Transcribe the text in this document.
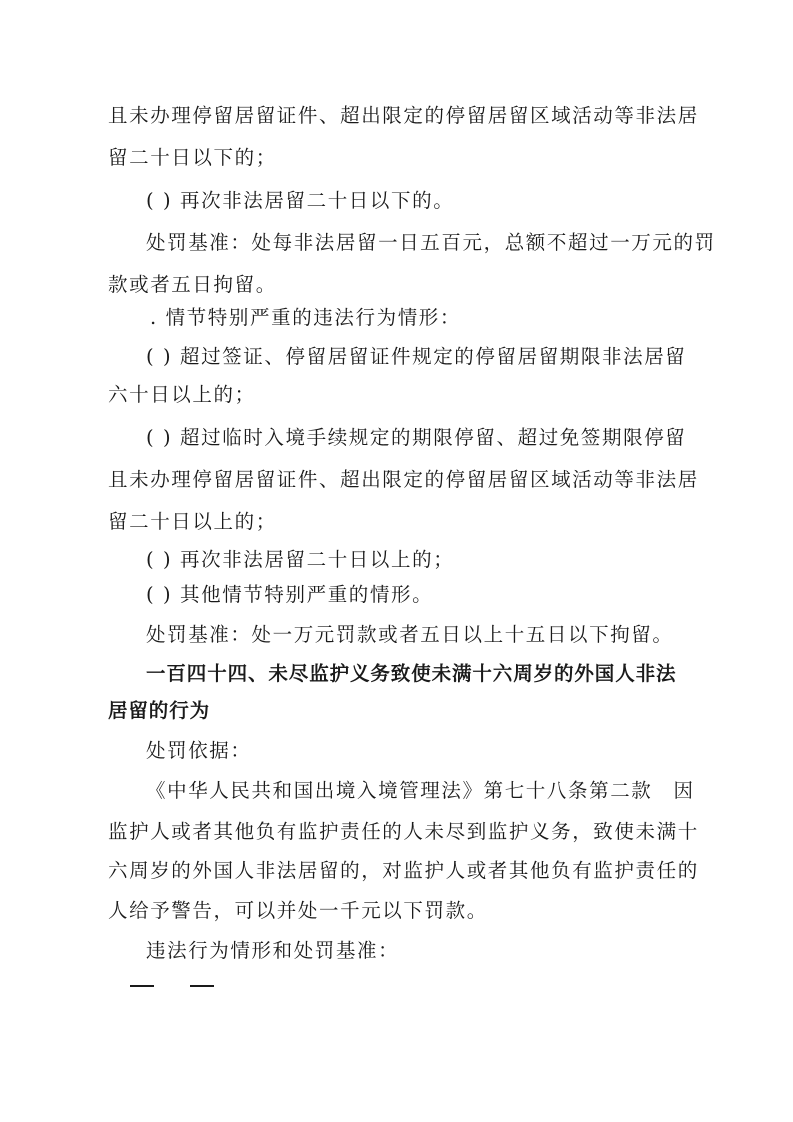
且未办理停留居留证件、超出限定的停留居留区域活动等非法居
留二十日以下的；
( ) 再次非法居留二十日以下的。
处罚基准：处每非法居留一日五百元，总额不超过一万元的罚
款或者五日拘留。
. 情节特别严重的违法行为情形：
( ) 超过签证、停留居留证件规定的停留居留期限非法居留
六十日以上的；
( ) 超过临时入境手续规定的期限停留、超过免签期限停留
且未办理停留居留证件、超出限定的停留居留区域活动等非法居
留二十日以上的；
( ) 再次非法居留二十日以上的；
( ) 其他情节特别严重的情形。
处罚基准：处一万元罚款或者五日以上十五日以下拘留。
一百四十四、未尽监护义务致使未满十六周岁的外国人非法
居留的行为
处罚依据：
《中华人民共和国出境入境管理法》第七十八条第二款　因
监护人或者其他负有监护责任的人未尽到监护义务，致使未满十
六周岁的外国人非法居留的，对监护人或者其他负有监护责任的
人给予警告，可以并处一千元以下罚款。
违法行为情形和处罚基准：
